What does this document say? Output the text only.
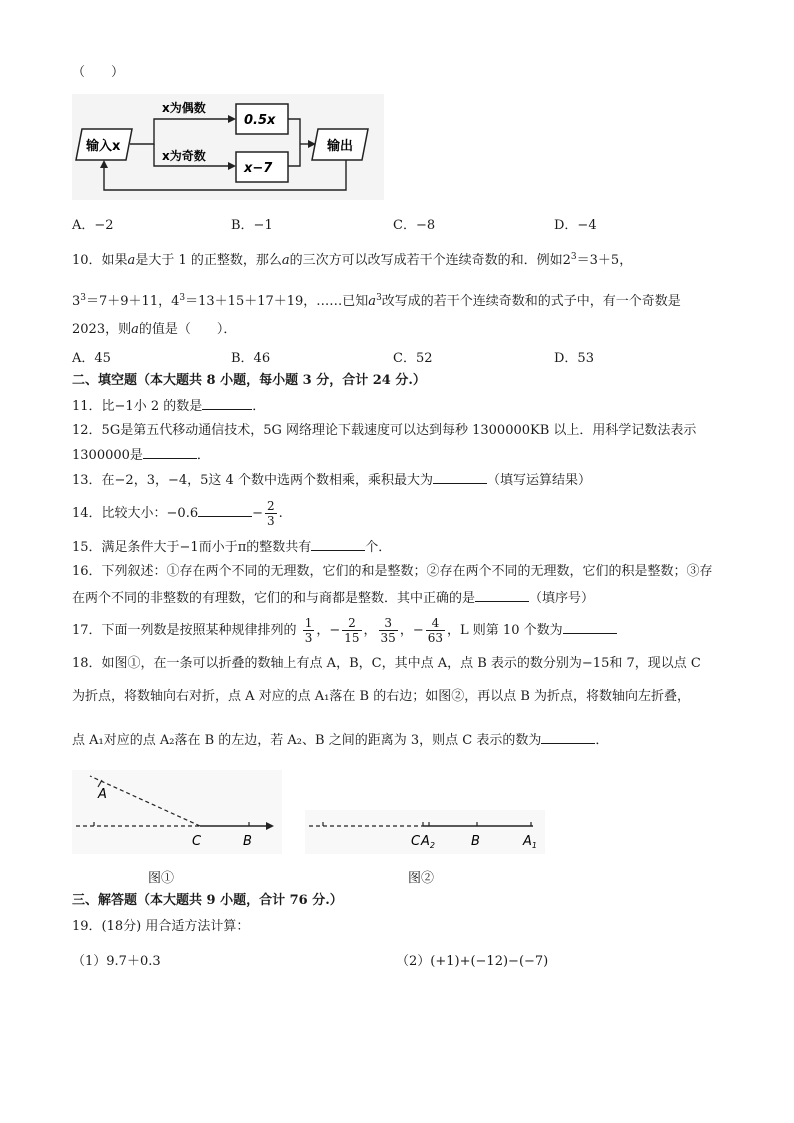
（　　）
输入x	输出
0.5x
x−7
x为偶数
x为奇数
A．−2	B．−1	C．−8	D．−4
10．如果a是大于 1 的正整数，那么a的三次方可以改写成若干个连续奇数的和．例如$2^3=3+5$，
$3^3=7+9+11$，$4^3=13+15+17+19$，……已知$a^3$改写成的若干个连续奇数和的式子中，有一个奇数是
2023，则a的值是（　　）．
A．45	B．46	C．52	D．53
二、填空题（本大题共 8 小题，每小题 3 分，合计 24 分.）
11．比−1小 2 的数是	．
12．5G是第五代移动通信技术，5G 网络理论下载速度可以达到每秒 1300000KB 以上．用科学记数法表示
1300000是	．
13．在−2，3，−4，5这 4 个数中选两个数相乘，乘积最大为	（填写运算结果）
14．比较大小：−0.6	− $\frac{2}{3}$ .
15．满足条件大于−1而小于π的整数共有	个．
16．下列叙述：①存在两个不同的无理数，它们的和是整数；②存在两个不同的无理数，它们的积是整数；③存
在两个不同的非整数的有理数，它们的和与商都是整数．其中正确的是	（填序号）
17．下面一列数是按照某种规律排列的 $\frac{1}{3}$ ，− $\frac{2}{15}$ ， $\frac{3}{35}$ ，− $\frac{4}{63}$ ，L 则第 10 个数为
18．如图①，在一条可以折叠的数轴上有点 A，B，C，其中点 A，点 B 表示的数分别为−15和 7，现以点 C
为折点，将数轴向右对折，点 A 对应的点 A₁落在 B 的右边；如图②，再以点 B 为折点，将数轴向左折叠，
点 A₁对应的点 A₂落在 B 的左边，若 A₂、B 之间的距离为 3，则点 C 表示的数为	．
A
C	B
图①
C $A_2$	B	$A_1$
图②
三、解答题（本大题共 9 小题，合计 76 分.）
19．(18分) 用合适方法计算：
（1）9.7＋0.3	（2）(+1)+(−12)−(−7)
